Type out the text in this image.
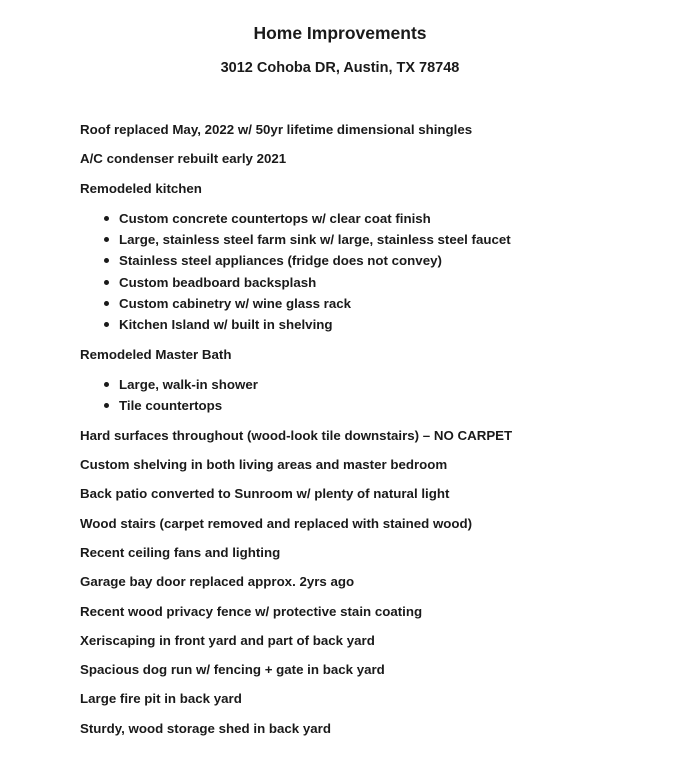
Home Improvements
3012 Cohoba DR, Austin, TX 78748
Roof replaced May, 2022 w/ 50yr lifetime dimensional shingles
A/C condenser rebuilt early 2021
Remodeled kitchen
Custom concrete countertops w/ clear coat finish
Large, stainless steel farm sink w/ large, stainless steel faucet
Stainless steel appliances (fridge does not convey)
Custom beadboard backsplash
Custom cabinetry w/ wine glass rack
Kitchen Island w/ built in shelving
Remodeled Master Bath
Large, walk-in shower
Tile countertops
Hard surfaces throughout (wood-look tile downstairs) – NO CARPET
Custom shelving in both living areas and master bedroom
Back patio converted to Sunroom w/ plenty of natural light
Wood stairs (carpet removed and replaced with stained wood)
Recent ceiling fans and lighting
Garage bay door replaced approx. 2yrs ago
Recent wood privacy fence w/ protective stain coating
Xeriscaping in front yard and part of back yard
Spacious dog run w/ fencing + gate in back yard
Large fire pit in back yard
Sturdy, wood storage shed in back yard
